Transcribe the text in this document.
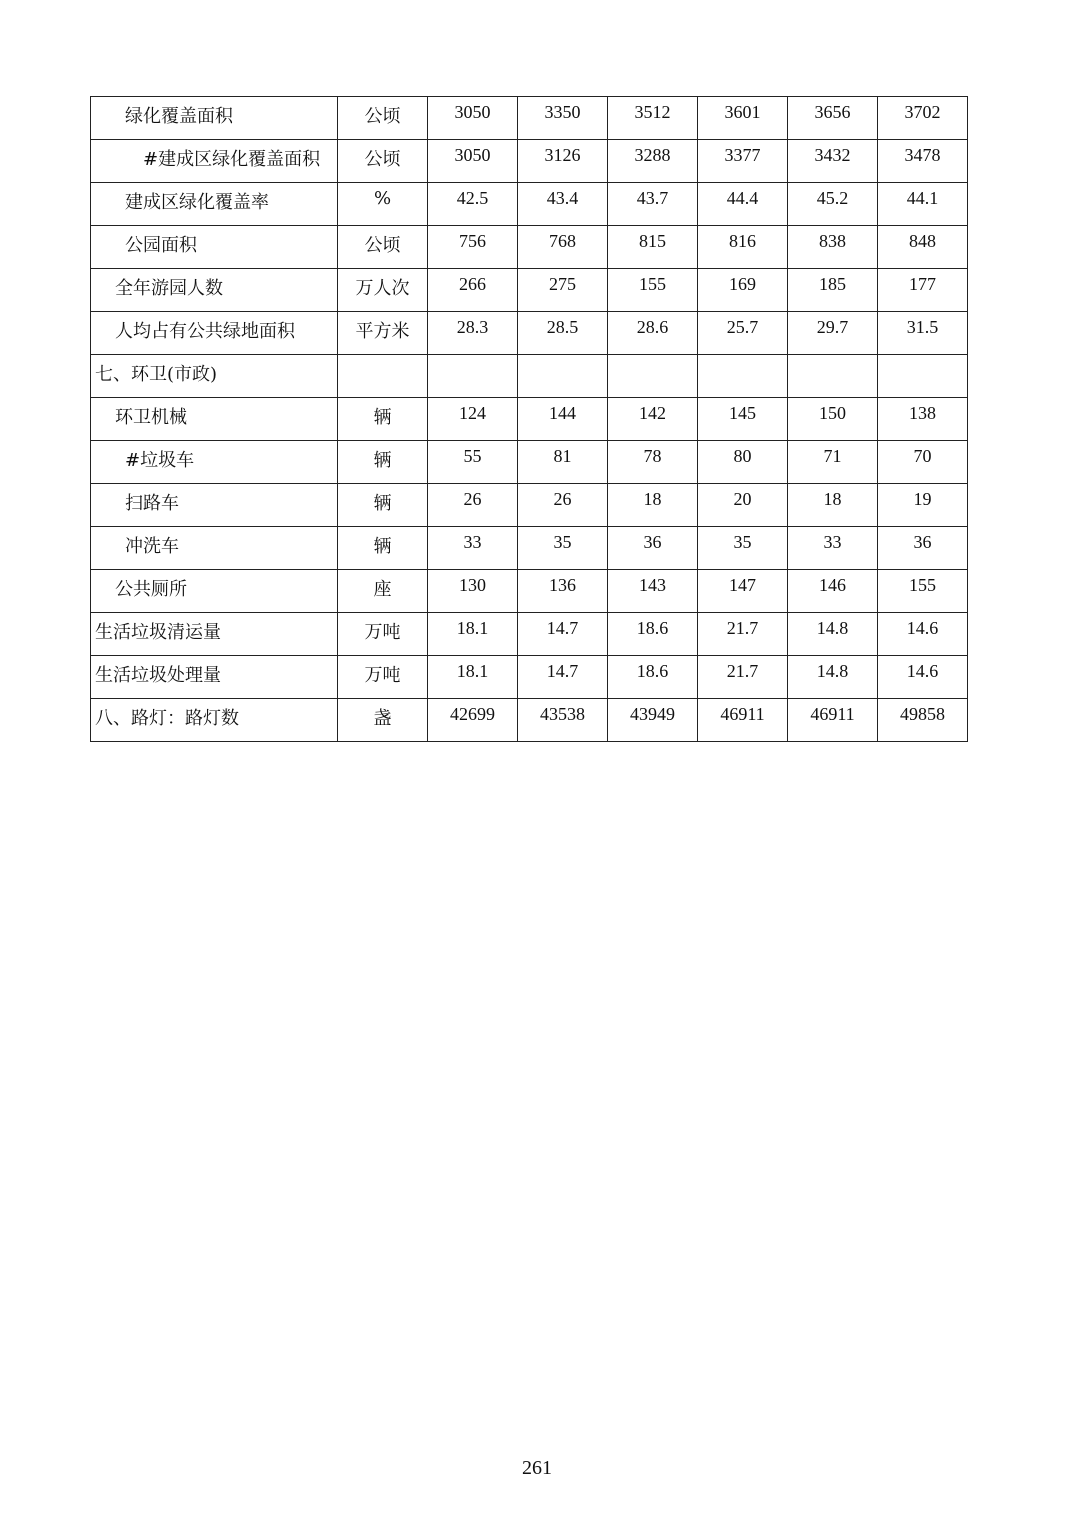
绿化覆盖面积	公顷	3050	3350	3512	3601	3656	3702
#建成区绿化覆盖面积	公顷	3050	3126	3288	3377	3432	3478
建成区绿化覆盖率	%	42.5	43.4	43.7	44.4	45.2	44.1
公园面积	公顷	756	768	815	816	838	848
全年游园人数	万人次	266	275	155	169	185	177
人均占有公共绿地面积	平方米	28.3	28.5	28.6	25.7	29.7	31.5
七、环卫(市政)							
环卫机械	辆	124	144	142	145	150	138
#垃圾车	辆	55	81	78	80	71	70
扫路车	辆	26	26	18	20	18	19
冲洗车	辆	33	35	36	35	33	36
公共厕所	座	130	136	143	147	146	155
生活垃圾清运量	万吨	18.1	14.7	18.6	21.7	14.8	14.6
生活垃圾处理量	万吨	18.1	14.7	18.6	21.7	14.8	14.6
八、路灯：路灯数	盏	42699	43538	43949	46911	46911	49858
261
